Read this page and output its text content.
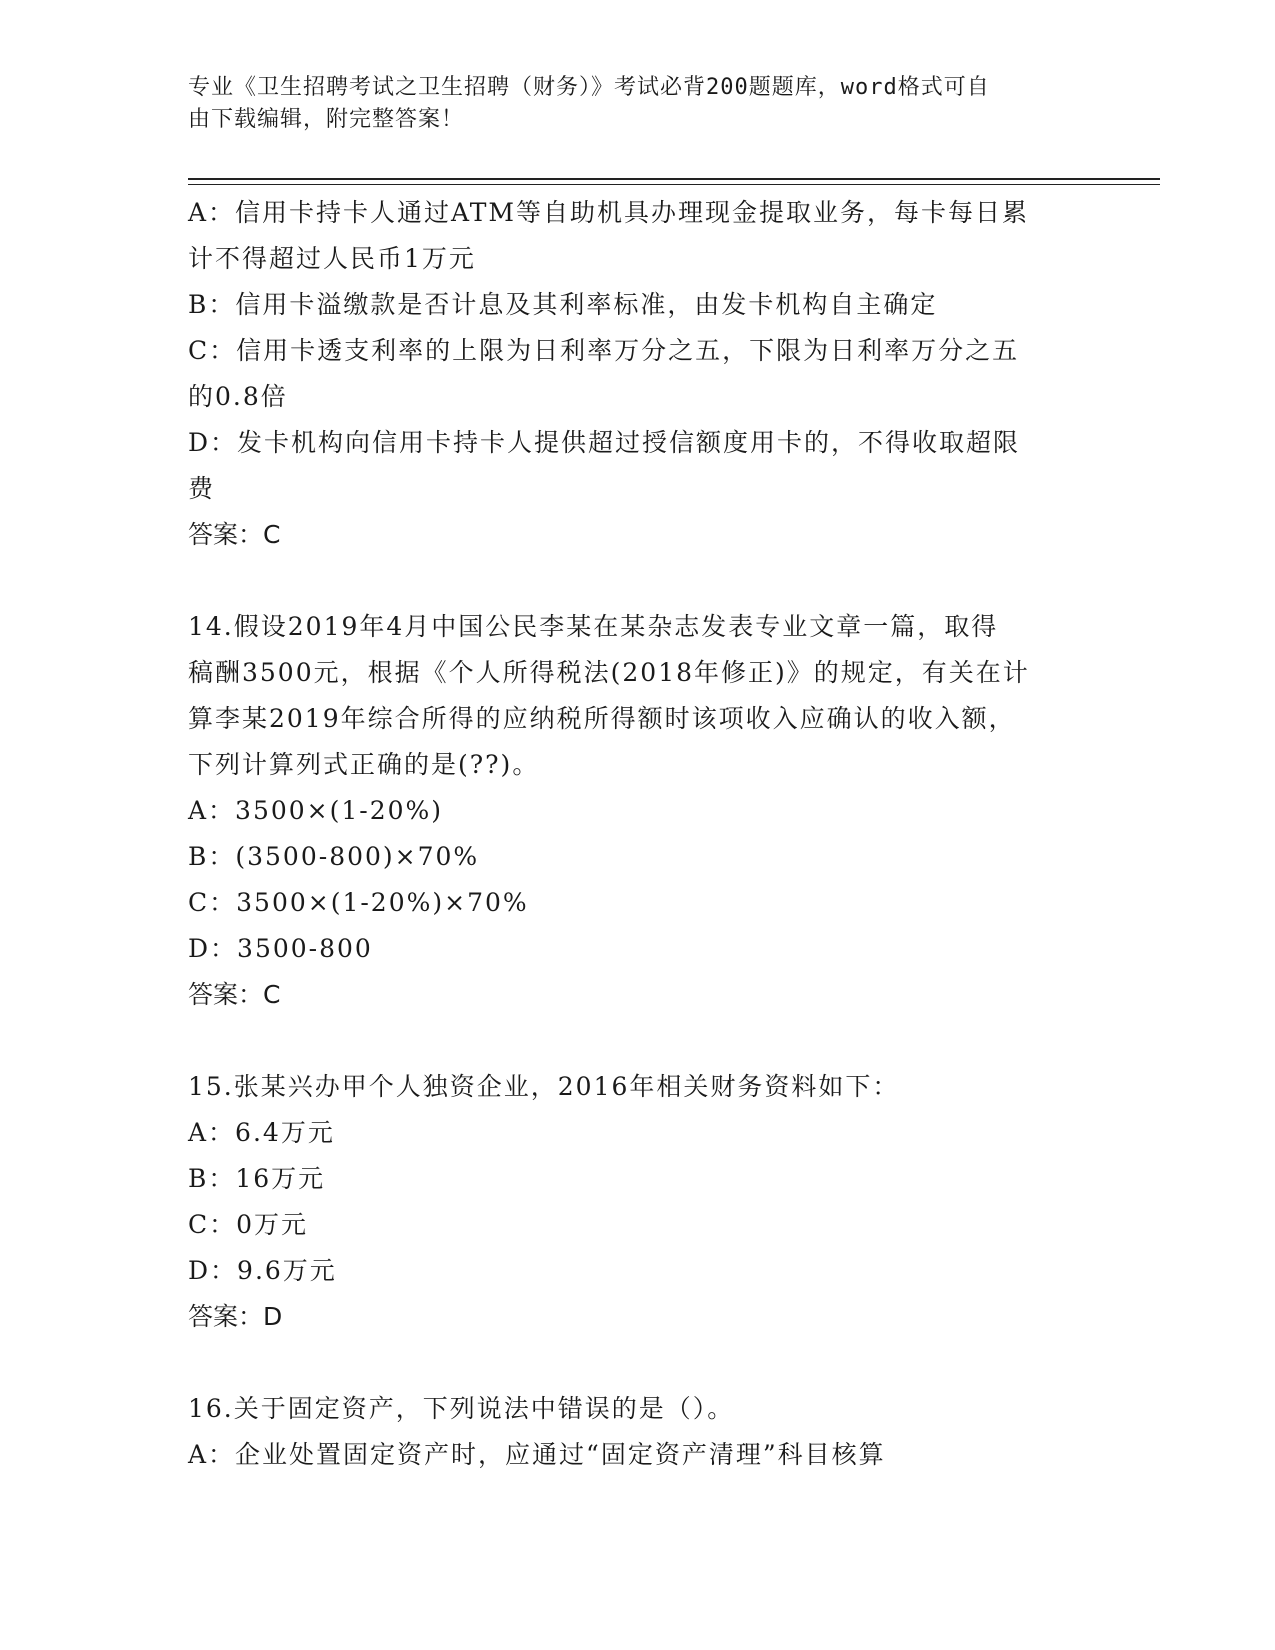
专业《卫生招聘考试之卫生招聘（财务）》考试必背200题题库，word格式可自
由下载编辑，附完整答案！
A：信用卡持卡人通过ATM等自助机具办理现金提取业务，每卡每日累
计不得超过人民币1万元
B：信用卡溢缴款是否计息及其利率标准，由发卡机构自主确定
C：信用卡透支利率的上限为日利率万分之五，下限为日利率万分之五
的0.8倍
D：发卡机构向信用卡持卡人提供超过授信额度用卡的，不得收取超限
费
答案：C
14.假设2019年4月中国公民李某在某杂志发表专业文章一篇，取得
稿酬3500元，根据《个人所得税法(2018年修正)》的规定，有关在计
算李某2019年综合所得的应纳税所得额时该项收入应确认的收入额，
下列计算列式正确的是(??)。
A：3500×(1-20%)
B：(3500-800)×70%
C：3500×(1-20%)×70%
D：3500-800
答案：C
15.张某兴办甲个人独资企业，2016年相关财务资料如下：
A：6.4万元
B：16万元
C：0万元
D：9.6万元
答案：D
16.关于固定资产，下列说法中错误的是（）。
A：企业处置固定资产时，应通过“固定资产清理”科目核算
